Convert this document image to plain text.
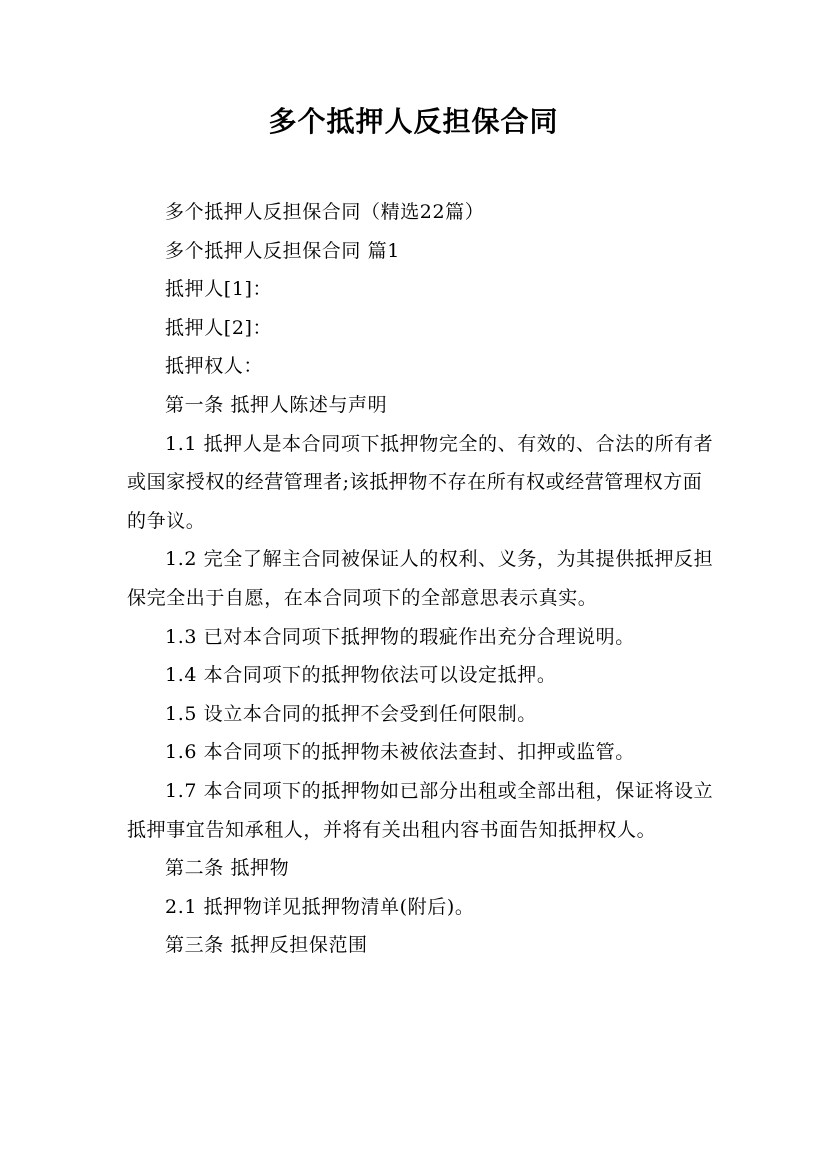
多个抵押人反担保合同

多个抵押人反担保合同（精选22篇）

多个抵押人反担保合同 篇1

抵押人[1]：

抵押人[2]：

抵押权人：

第一条 抵押人陈述与声明

1.1 抵押人是本合同项下抵押物完全的、有效的、合法的所有者或国家授权的经营管理者;该抵押物不存在所有权或经营管理权方面的争议。

1.2 完全了解主合同被保证人的权利、义务，为其提供抵押反担保完全出于自愿，在本合同项下的全部意思表示真实。

1.3 已对本合同项下抵押物的瑕疵作出充分合理说明。

1.4 本合同项下的抵押物依法可以设定抵押。

1.5 设立本合同的抵押不会受到任何限制。

1.6 本合同项下的抵押物未被依法查封、扣押或监管。

1.7 本合同项下的抵押物如已部分出租或全部出租，保证将设立抵押事宜告知承租人，并将有关出租内容书面告知抵押权人。

第二条 抵押物

2.1 抵押物详见抵押物清单(附后)。

第三条 抵押反担保范围
